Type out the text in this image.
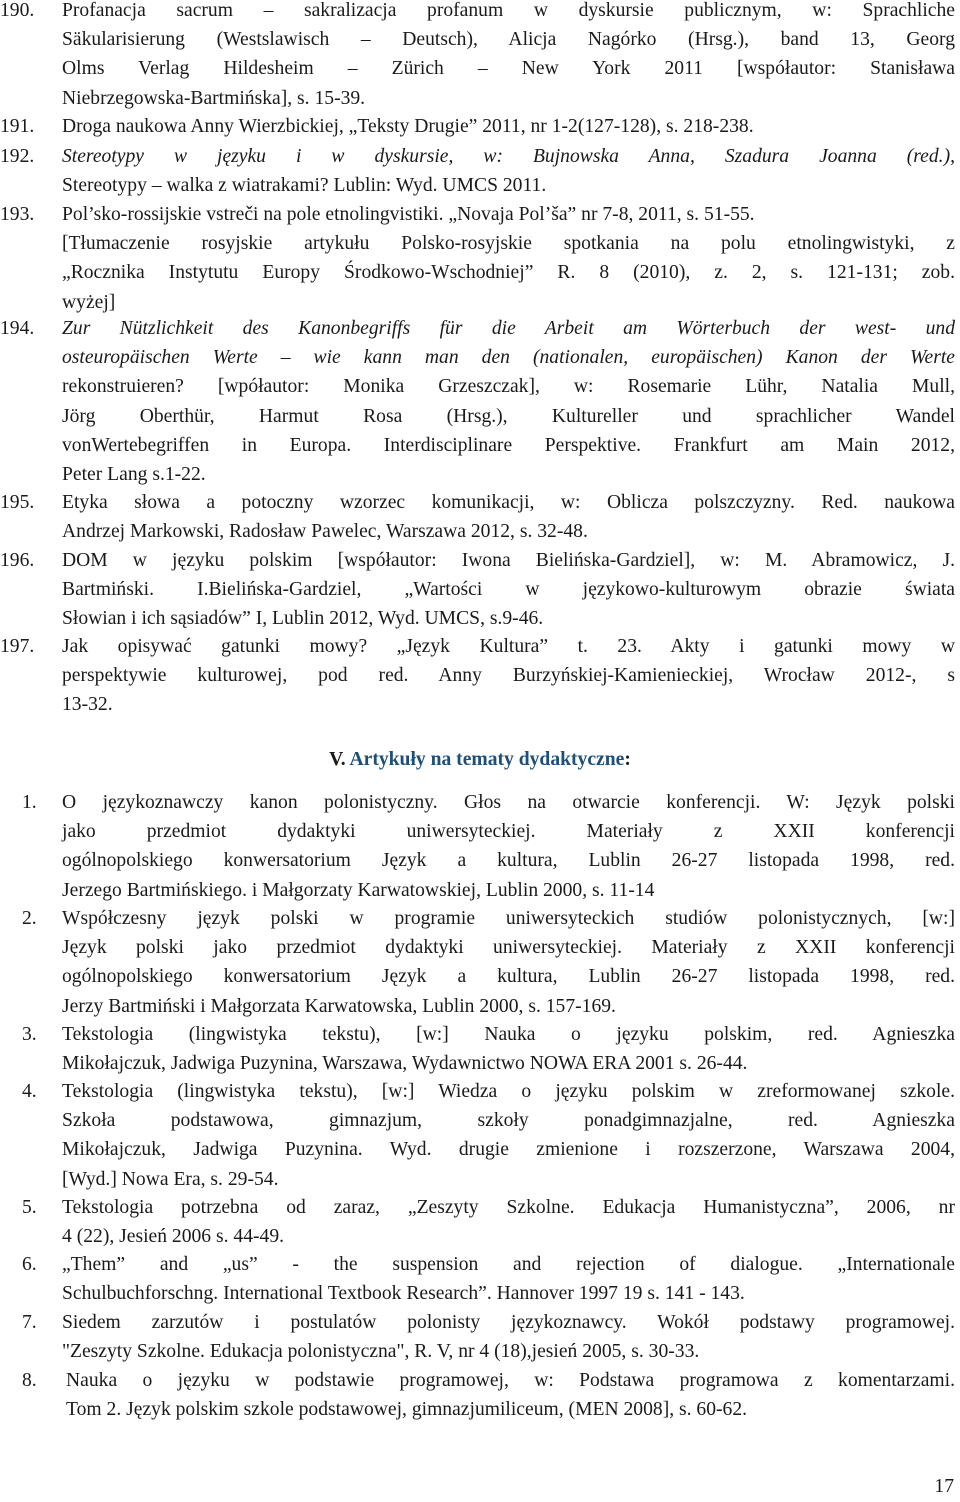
190. Profanacja sacrum – sakralizacja profanum w dyskursie publicznym, w: Sprachliche
Säkularisierung (Westslawisch – Deutsch), Alicja Nagórko (Hrsg.), band 13, Georg
Olms Verlag Hildesheim – Zürich – New York 2011 [współautor: Stanisława
Niebrzegowska-Bartmińska], s. 15-39.
191. Droga naukowa Anny Wierzbickiej, „Teksty Drugie” 2011, nr 1-2(127-128), s. 218-238.
192. Stereotypy w języku i w dyskursie, w: Bujnowska Anna, Szadura Joanna (red.),
Stereotypy – walka z wiatrakami? Lublin: Wyd. UMCS 2011.
193. Pol’sko-rossijskie vstreči na pole etnolingvistiki. „Novaja Pol’ša” nr 7-8, 2011, s. 51-55.
[Tłumaczenie rosyjskie artykułu Polsko-rosyjskie spotkania na polu etnolingwistyki, z
„Rocznika Instytutu Europy Środkowo-Wschodniej” R. 8 (2010), z. 2, s. 121-131; zob.
wyżej]
194. Zur Nützlichkeit des Kanonbegriffs für die Arbeit am Wörterbuch der west- und
osteuropäischen Werte – wie kann man den (nationalen, europäischen) Kanon der Werte
rekonstruieren? [wpółautor: Monika Grzeszczak], w: Rosemarie Lühr, Natalia Mull,
Jörg Oberthür, Harmut Rosa (Hrsg.), Kultureller und sprachlicher Wandel
vonWertebegriffen in Europa. Interdisciplinare Perspektive. Frankfurt am Main 2012,
Peter Lang s.1-22.
195. Etyka słowa a potoczny wzorzec komunikacji, w: Oblicza polszczyzny. Red. naukowa
Andrzej Markowski, Radosław Pawelec, Warszawa 2012, s. 32-48.
196. DOM w języku polskim [współautor: Iwona Bielińska-Gardziel], w: M. Abramowicz, J.
Bartmiński. I.Bielińska-Gardziel, „Wartości w językowo-kulturowym obrazie świata
Słowian i ich sąsiadów” I, Lublin 2012, Wyd. UMCS, s.9-46.
197. Jak opisywać gatunki mowy? „Język Kultura” t. 23. Akty i gatunki mowy w
perspektywie kulturowej, pod red. Anny Burzyńskiej-Kamienieckiej, Wrocław 2012-, s
13-32.
V. Artykuły na tematy dydaktyczne:
1. O językoznawczy kanon polonistyczny. Głos na otwarcie konferencji. W: Język polski
jako przedmiot dydaktyki uniwersyteckiej. Materiały z XXII konferencji
ogólnopolskiego konwersatorium Język a kultura, Lublin 26-27 listopada 1998, red.
Jerzego Bartmińskiego. i Małgorzaty Karwatowskiej, Lublin 2000, s. 11-14
2. Współczesny język polski w programie uniwersyteckich studiów polonistycznych, [w:]
Język polski jako przedmiot dydaktyki uniwersyteckiej. Materiały z XXII konferencji
ogólnopolskiego konwersatorium Język a kultura, Lublin 26-27 listopada 1998, red.
Jerzy Bartmiński i Małgorzata Karwatowska, Lublin 2000, s. 157-169.
3. Tekstologia (lingwistyka tekstu), [w:] Nauka o języku polskim, red. Agnieszka
Mikołajczuk, Jadwiga Puzynina, Warszawa, Wydawnictwo NOWA ERA 2001 s. 26-44.
4. Tekstologia (lingwistyka tekstu), [w:] Wiedza o języku polskim w zreformowanej szkole.
Szkoła podstawowa, gimnazjum, szkoły ponadgimnazjalne, red. Agnieszka
Mikołajczuk, Jadwiga Puzynina. Wyd. drugie zmienione i rozszerzone, Warszawa 2004,
[Wyd.] Nowa Era, s. 29-54.
5. Tekstologia potrzebna od zaraz, „Zeszyty Szkolne. Edukacja Humanistyczna”, 2006, nr
4 (22), Jesień 2006 s. 44-49.
6. „Them” and „us” - the suspension and rejection of dialogue. „Internationale
Schulbuchforschng. International Textbook Research”. Hannover 1997 19 s. 141 - 143.
7. Siedem zarzutów i postulatów polonisty językoznawcy. Wokół podstawy programowej.
"Zeszyty Szkolne. Edukacja polonistyczna", R. V, nr 4 (18),jesień 2005, s. 30-33.
8. Nauka o języku w podstawie programowej, w: Podstawa programowa z komentarzami.
Tom 2. Język polskim szkole podstawowej, gimnazjumiliceum, (MEN 2008], s. 60-62.
17
